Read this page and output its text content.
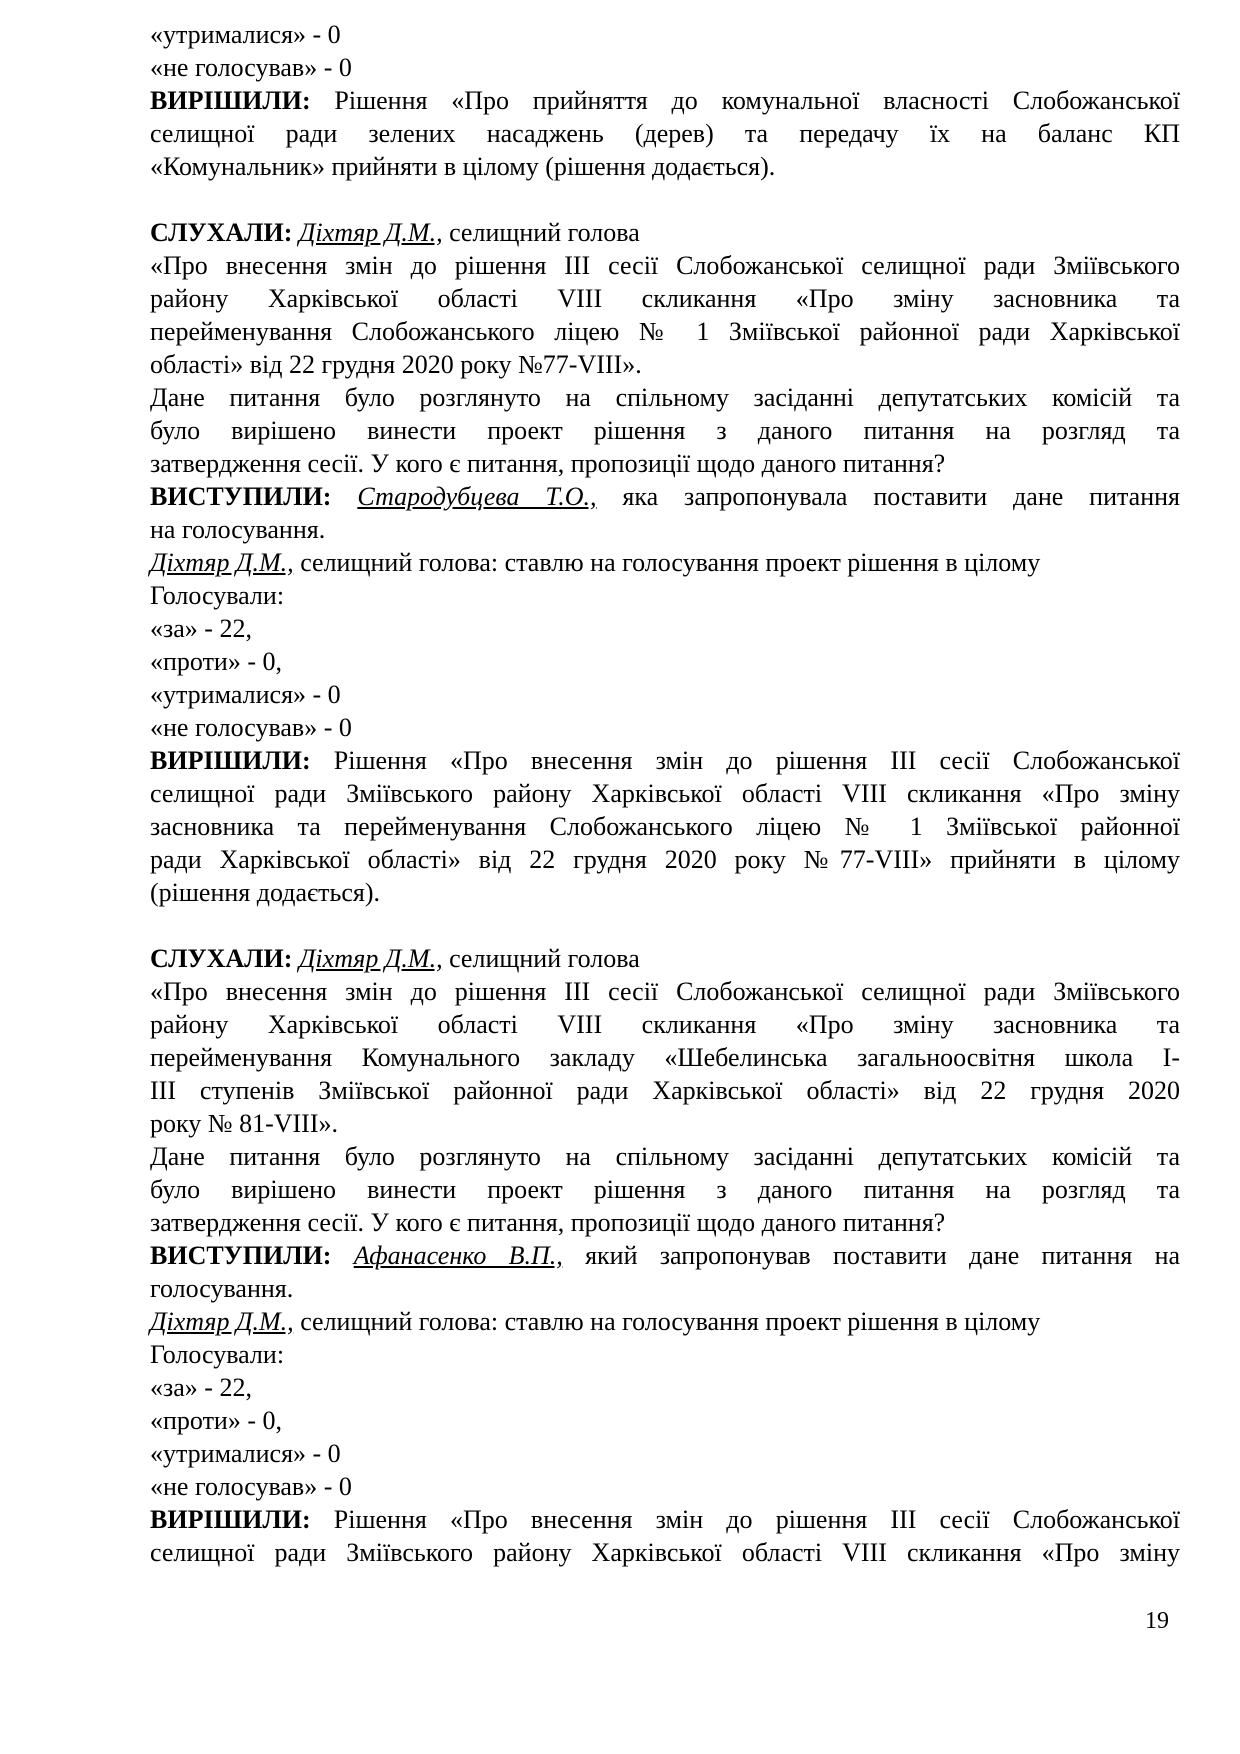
«утрималися» - 0
«не голосував» - 0
ВИРІШИЛИ: Рішення «Про прийняття до комунальної власності Слобожанської
селищної ради зелених насаджень (дерев) та передачу їх на баланс КП
«Комунальник» прийняти в цілому (рішення додається).
СЛУХАЛИ: Діхтяр Д.М., селищний голова
«Про внесення змін до рішення ІІІ сесії Слобожанської селищної ради Зміївського
району Харківської області VIII скликання «Про зміну засновника та
перейменування Слобожанського ліцею № 1 Зміївської районної ради Харківської
області» від 22 грудня 2020 року №77-VIII».
Дане питання було розглянуто на спільному засіданні депутатських комісій та
було вирішено винести проект рішення з даного питання на розгляд та
затвердження сесії. У кого є питання, пропозиції щодо даного питання?
ВИСТУПИЛИ: Стародубцева Т.О., яка запропонувала поставити дане питання
на голосування.
Діхтяр Д.М., селищний голова: ставлю на голосування проект рішення в цілому
Голосували:
«за» - 22,
«проти» - 0,
«утрималися» - 0
«не голосував» - 0
ВИРІШИЛИ: Рішення «Про внесення змін до рішення ІІІ сесії Слобожанської
селищної ради Зміївського району Харківської області VIII скликання «Про зміну
засновника та перейменування Слобожанського ліцею № 1 Зміївської районної
ради Харківської області» від 22 грудня 2020 року №77-VIII» прийняти в цілому
(рішення додається).
СЛУХАЛИ: Діхтяр Д.М., селищний голова
«Про внесення змін до рішення ІІІ сесії Слобожанської селищної ради Зміївського
району Харківської області VIII скликання «Про зміну засновника та
перейменування Комунального закладу «Шебелинська загальноосвітня школа І-
ІІІ ступенів Зміївської районної ради Харківської області» від 22 грудня 2020
року № 81-VIII».
Дане питання було розглянуто на спільному засіданні депутатських комісій та
було вирішено винести проект рішення з даного питання на розгляд та
затвердження сесії. У кого є питання, пропозиції щодо даного питання?
ВИСТУПИЛИ: Афанасенко В.П., який запропонував поставити дане питання на
голосування.
Діхтяр Д.М., селищний голова: ставлю на голосування проект рішення в цілому
Голосували:
«за» - 22,
«проти» - 0,
«утрималися» - 0
«не голосував» - 0
ВИРІШИЛИ: Рішення «Про внесення змін до рішення ІІІ сесії Слобожанської
селищної ради Зміївського району Харківської області VIII скликання «Про зміну
19
